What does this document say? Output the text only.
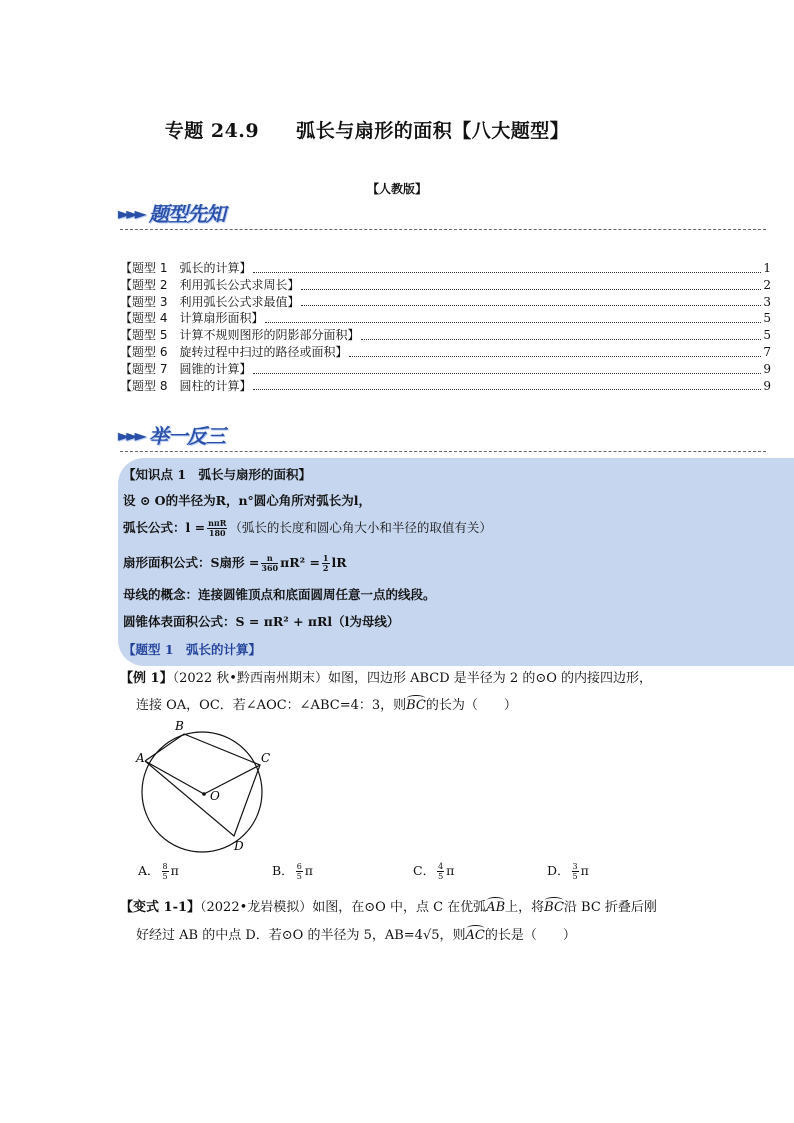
专题 24.9 弧长与扇形的面积【八大题型】
【人教版】
►►► 题型先知
【题型 1　弧长的计算】	1
【题型 2　利用弧长公式求周长】	2
【题型 3　利用弧长公式求最值】	3
【题型 4　计算扇形面积】	5
【题型 5　计算不规则图形的阴影部分面积】	5
【题型 6　旋转过程中扫过的路径或面积】	7
【题型 7　圆锥的计算】	9
【题型 8　圆柱的计算】	9
►►► 举一反三
【知识点 1　弧长与扇形的面积】
设 ⊙ O的半径为R，n°圆心角所对弧长为l，
弧长公式：$l = \frac{\text{nπR}}{180}$ （弧长的长度和圆心角大小和半径的取值有关）
扇形面积公式：S扇形 = $\frac{n}{360} \pi R^2 = \frac{1}{2}$ lR
母线的概念：连接圆锥顶点和底面圆周任意一点的线段。
圆锥体表面积公式：S = πR² + πRl（l为母线）
【题型 1　弧长的计算】
【例 1】（2022 秋•黔西南州期末）如图，四边形 ABCD 是半径为 2 的⊙O 的内接四边形，
连接 OA，OC．若∠AOC：∠ABC=4：3，则BC的长为（　　）
A
B
C
D
O
A． $\frac{8}{5}$ π	B． $\frac{6}{5}$ π	C． $\frac{4}{5}$ π	D． $\frac{3}{5}$ π
【变式 1-1】（2022•龙岩模拟）如图，在⊙O 中，点 C 在优弧AB上，将BC沿 BC 折叠后刚
好经过 AB 的中点 D．若⊙O 的半径为 5，AB=4√5，则AC的长是（　　）
